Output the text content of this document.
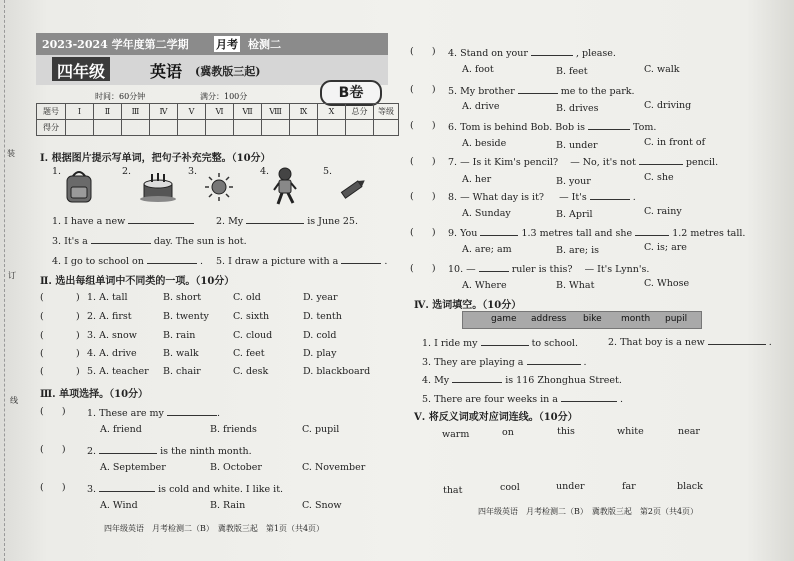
装
订
线
2023-2024 学年度第二学期 月考 检测二
四年级	英语 (冀教版三起)
时间：60分钟	满分：100分	B卷
题号	Ⅰ	Ⅱ	Ⅲ	Ⅳ	Ⅴ	Ⅵ	Ⅶ	Ⅷ	Ⅸ	Ⅹ	总分	等级
得分												
Ⅰ. 根据图片提示写单词，把句子补充完整。（10分）
1.	2.	3.	4.	5.
1. I have a new	2. My	is June 25.
3. It's a	day. The sun is hot.
4. I go to school on	. 5. I draw a picture with a	.
Ⅱ. 选出每组单词中不同类的一项。（10分）
(	) 1. A. tall	B. short	C. old	D. year
(	) 2. A. first	B. twenty	C. sixth	D. tenth
(	) 3. A. snow	B. rain	C. cloud	D. cold
(	) 4. A. drive	B. walk	C. feet	D. play
(	) 5. A. teacher B. chair	C. desk	D. blackboard
Ⅲ. 单项选择。（10分）
(      ) 1. These are my	.
A. friend	B. friends	C. pupil
(      ) 2.	is the ninth month.
A. September	B. October	C. November
(      ) 3.	is cold and white. I like it.
A. Wind	B. Rain	C. Snow
四年级英语　月考检测二（B）　冀教版三起　第1页（共4页）
(      ) 4. Stand on your	, please.
A. foot	B. feet	C. walk
(      ) 5. My brother	me to the park.
A. drive	B. drives	C. driving
(      ) 6. Tom is behind Bob. Bob is	Tom.
A. beside	B. under	C. in front of
(      ) 7. — Is it Kim's pencil? — No, it's not	pencil.
A. her	B. your	C. she
(      ) 8. — What day is it? — It's	.
A. Sunday	B. April	C. rainy
(      ) 9. You	1.3 metres tall and she	1.2 metres tall.
A. are; am	B. are; is	C. is; are
(      ) 10. —	ruler is this? — It's Lynn's.
A. Where	B. What	C. Whose
Ⅳ. 选词填空。（10分）
game address bike month pupil
1. I ride my	to school.	2. That boy is a new	.
3. They are playing a	.
4. My	is 116 Zhonghua Street.
5. There are four weeks in a	.
Ⅴ. 将反义词或对应词连线。（10分）
warm	on	this	white	near
that	cool	under	far	black
四年级英语　月考检测二（B）　冀教版三起　第2页（共4页）
